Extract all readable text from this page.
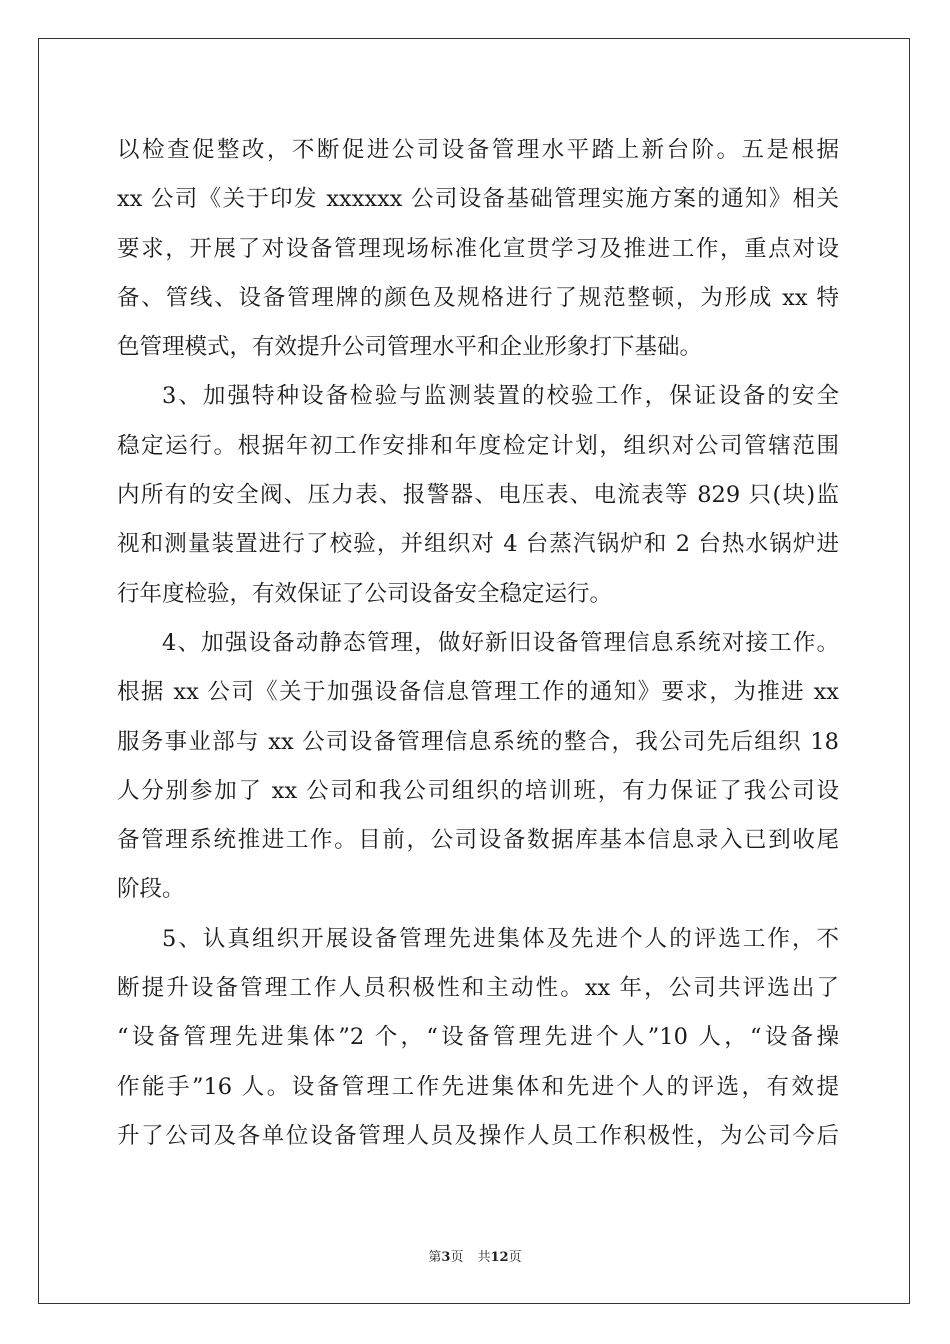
以检查促整改，不断促进公司设备管理水平踏上新台阶。五是根据
xx 公司《关于印发 xxxxxx 公司设备基础管理实施方案的通知》相关
要求，开展了对设备管理现场标准化宣贯学习及推进工作，重点对设
备、管线、设备管理牌的颜色及规格进行了规范整顿，为形成 xx 特
色管理模式，有效提升公司管理水平和企业形象打下基础。
3、加强特种设备检验与监测装置的校验工作，保证设备的安全
稳定运行。根据年初工作安排和年度检定计划，组织对公司管辖范围
内所有的安全阀、压力表、报警器、电压表、电流表等 829 只(块)监
视和测量装置进行了校验，并组织对 4 台蒸汽锅炉和 2 台热水锅炉进
行年度检验，有效保证了公司设备安全稳定运行。
4、加强设备动静态管理，做好新旧设备管理信息系统对接工作。
根据 xx 公司《关于加强设备信息管理工作的通知》要求，为推进 xx
服务事业部与 xx 公司设备管理信息系统的整合，我公司先后组织 18
人分别参加了 xx 公司和我公司组织的培训班，有力保证了我公司设
备管理系统推进工作。目前，公司设备数据库基本信息录入已到收尾
阶段。
5、认真组织开展设备管理先进集体及先进个人的评选工作，不
断提升设备管理工作人员积极性和主动性。xx 年，公司共评选出了
“设备管理先进集体”2 个，“设备管理先进个人”10 人，“设备操
作能手”16 人。设备管理工作先进集体和先进个人的评选，有效提
升了公司及各单位设备管理人员及操作人员工作积极性，为公司今后
第3页 共12页
